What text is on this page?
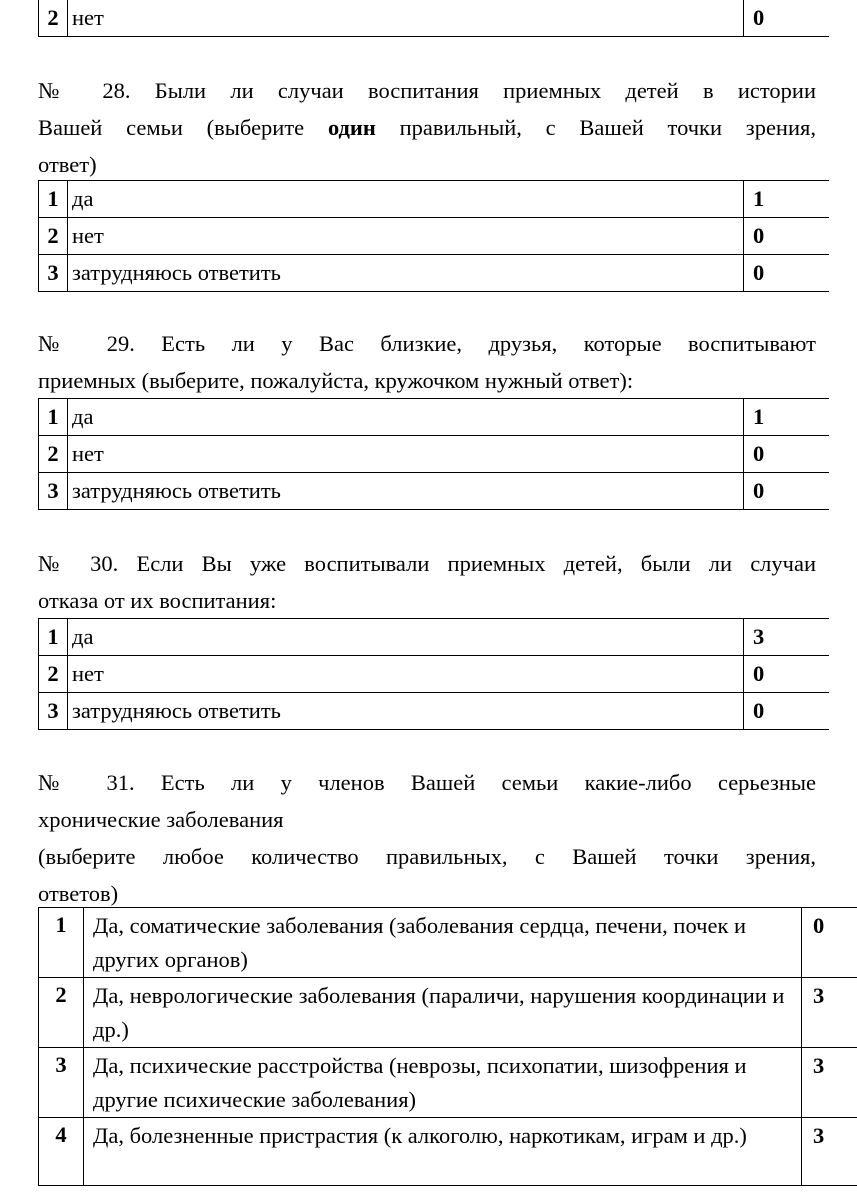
2	нет	0
№ 28. Были ли случаи воспитания приемных детей в истории
Вашей семьи (выберите один правильный, с Вашей точки зрения,
ответ)
1	да	1
2	нет	0
3	затрудняюсь ответить	0
№ 29. Есть ли у Вас близкие, друзья, которые воспитывают
приемных (выберите, пожалуйста, кружочком нужный ответ):
1	да	1
2	нет	0
3	затрудняюсь ответить	0
№ 30. Если Вы уже воспитывали приемных детей, были ли случаи
отказа от их воспитания:
1	да	3
2	нет	0
3	затрудняюсь ответить	0
№ 31. Есть ли у членов Вашей семьи какие-либо серьезные
хронические заболевания
(выберите любое количество правильных, с Вашей точки зрения,
ответов)
1	Да, соматические заболевания (заболевания сердца, печени, почек и других органов)	0
2	Да, неврологические заболевания (параличи, нарушения координации и др.)	3
3	Да, психические расстройства (неврозы, психопатии, шизофрения и другие психические заболевания)	3
4	Да, болезненные пристрастия (к алкоголю, наркотикам, играм и др.)	3
